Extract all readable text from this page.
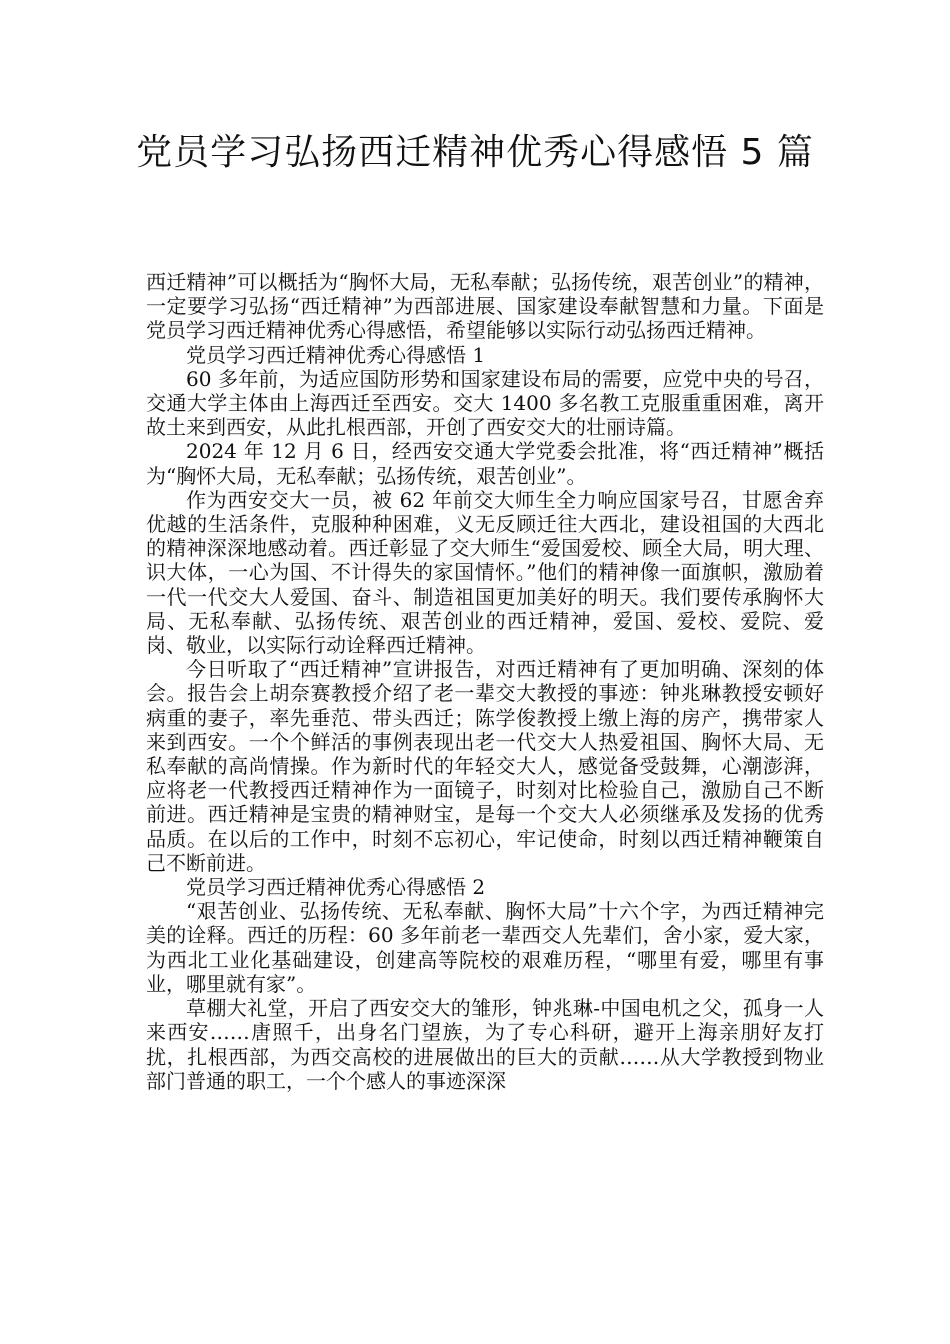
党员学习弘扬西迁精神优秀心得感悟 5 篇

西迁精神”可以概括为“胸怀大局，无私奉献；弘扬传统，艰苦创业”的精神，一定要学习弘扬“西迁精神”为西部进展、国家建设奉献智慧和力量。下面是党员学习西迁精神优秀心得感悟，希望能够以实际行动弘扬西迁精神。

党员学习西迁精神优秀心得感悟 1

60 多年前，为适应国防形势和国家建设布局的需要，应党中央的号召，交通大学主体由上海西迁至西安。交大 1400 多名教工克服重重困难，离开故土来到西安，从此扎根西部，开创了西安交大的壮丽诗篇。

2024 年 12 月 6 日，经西安交通大学党委会批准，将“西迁精神”概括为“胸怀大局，无私奉献；弘扬传统，艰苦创业”。

作为西安交大一员，被 62 年前交大师生全力响应国家号召，甘愿舍弃优越的生活条件，克服种种困难，义无反顾迁往大西北，建设祖国的大西北的精神深深地感动着。西迁彰显了交大师生“爱国爱校、顾全大局，明大理、识大体，一心为国、不计得失的家国情怀。”他们的精神像一面旗帜，激励着一代一代交大人爱国、奋斗、制造祖国更加美好的明天。我们要传承胸怀大局、无私奉献、弘扬传统、艰苦创业的西迁精神，爱国、爱校、爱院、爱岗、敬业，以实际行动诠释西迁精神。

今日听取了“西迁精神”宣讲报告，对西迁精神有了更加明确、深刻的体会。报告会上胡奈赛教授介绍了老一辈交大教授的事迹：钟兆琳教授安顿好病重的妻子，率先垂范、带头西迁；陈学俊教授上缴上海的房产，携带家人来到西安。一个个鲜活的事例表现出老一代交大人热爱祖国、胸怀大局、无私奉献的高尚情操。作为新时代的年轻交大人，感觉备受鼓舞，心潮澎湃，应将老一代教授西迁精神作为一面镜子，时刻对比检验自己，激励自己不断前进。西迁精神是宝贵的精神财宝，是每一个交大人必须继承及发扬的优秀品质。在以后的工作中，时刻不忘初心，牢记使命，时刻以西迁精神鞭策自己不断前进。

党员学习西迁精神优秀心得感悟 2

“艰苦创业、弘扬传统、无私奉献、胸怀大局”十六个字，为西迁精神完美的诠释。西迁的历程：60 多年前老一辈西交人先辈们，舍小家，爱大家，为西北工业化基础建设，创建高等院校的艰难历程，“哪里有爱，哪里有事业，哪里就有家”。

草棚大礼堂，开启了西安交大的雏形，钟兆琳-中国电机之父，孤身一人来西安……唐照千，出身名门望族，为了专心科研，避开上海亲朋好友打扰，扎根西部，为西交高校的进展做出的巨大的贡献……从大学教授到物业部门普通的职工，一个个感人的事迹深深
